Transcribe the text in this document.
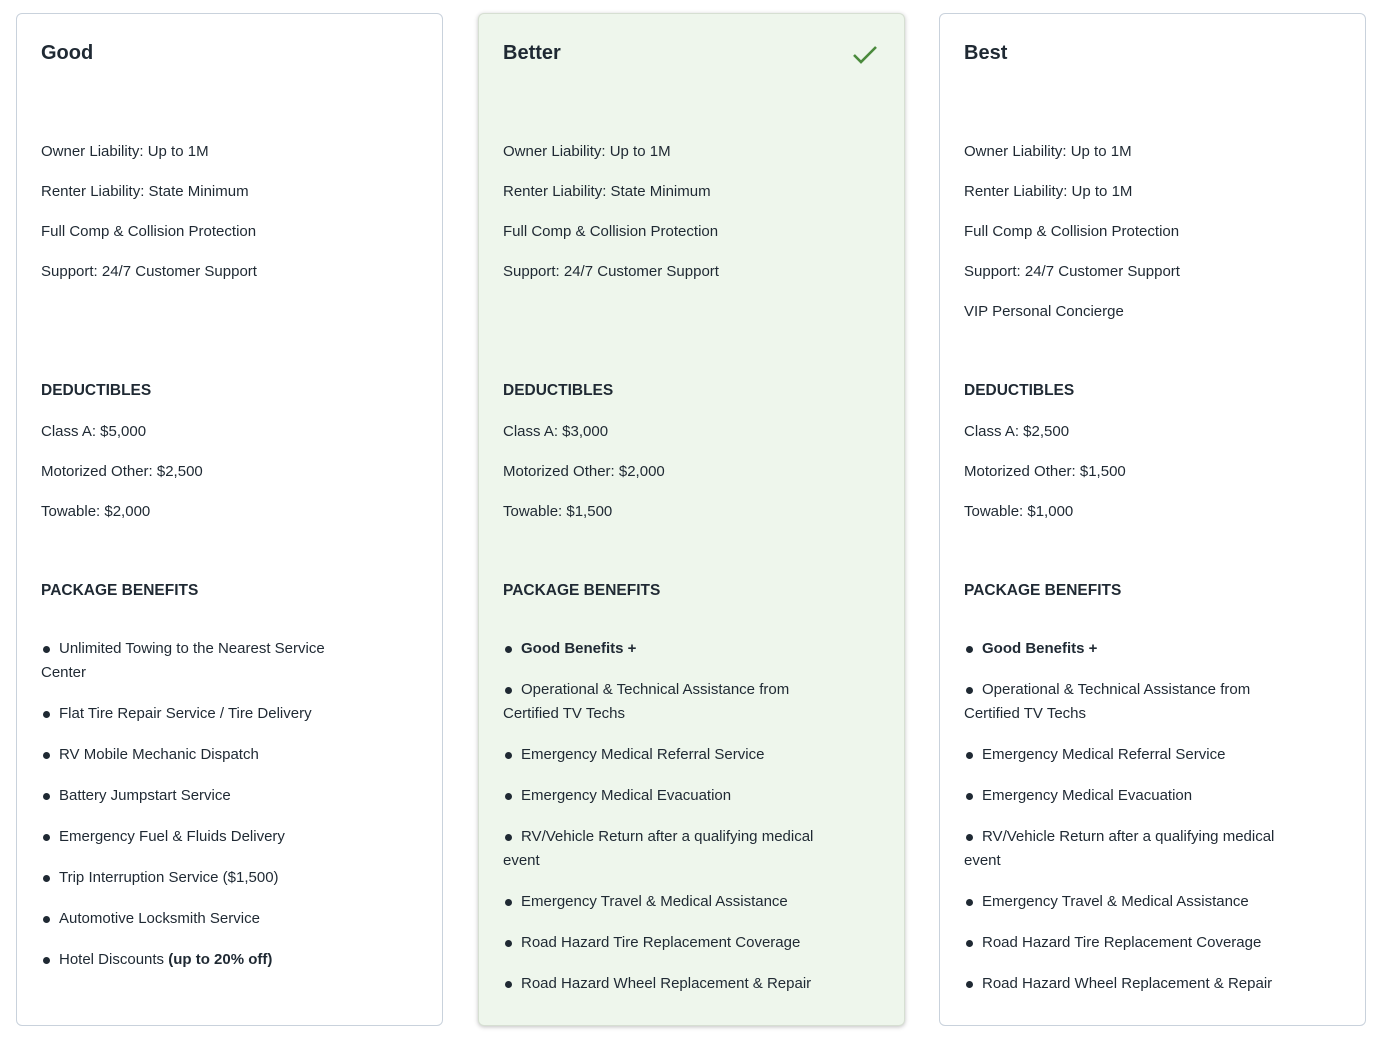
Good
Owner Liability: Up to 1M
Renter Liability: State Minimum
Full Comp & Collision Protection
Support: 24/7 Customer Support
DEDUCTIBLES
Class A: $5,000
Motorized Other: $2,500
Towable: $2,000
PACKAGE BENEFITS
Unlimited Towing to the Nearest Service Center
Flat Tire Repair Service / Tire Delivery
RV Mobile Mechanic Dispatch
Battery Jumpstart Service
Emergency Fuel & Fluids Delivery
Trip Interruption Service ($1,500)
Automotive Locksmith Service
Hotel Discounts (up to 20% off)
Better
Owner Liability: Up to 1M
Renter Liability: State Minimum
Full Comp & Collision Protection
Support: 24/7 Customer Support
DEDUCTIBLES
Class A: $3,000
Motorized Other: $2,000
Towable: $1,500
PACKAGE BENEFITS
Good Benefits +
Operational & Technical Assistance from Certified TV Techs
Emergency Medical Referral Service
Emergency Medical Evacuation
RV/Vehicle Return after a qualifying medical event
Emergency Travel & Medical Assistance
Road Hazard Tire Replacement Coverage
Road Hazard Wheel Replacement & Repair
Best
Owner Liability: Up to 1M
Renter Liability: Up to 1M
Full Comp & Collision Protection
Support: 24/7 Customer Support
VIP Personal Concierge
DEDUCTIBLES
Class A: $2,500
Motorized Other: $1,500
Towable: $1,000
PACKAGE BENEFITS
Good Benefits +
Operational & Technical Assistance from Certified TV Techs
Emergency Medical Referral Service
Emergency Medical Evacuation
RV/Vehicle Return after a qualifying medical event
Emergency Travel & Medical Assistance
Road Hazard Tire Replacement Coverage
Road Hazard Wheel Replacement & Repair
